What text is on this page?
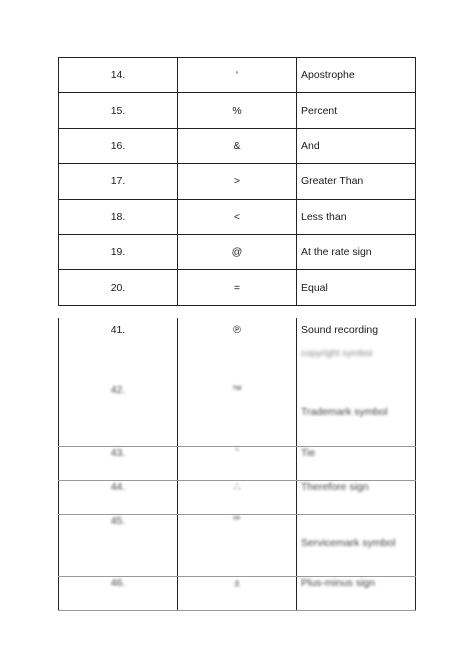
14.	‘	Apostrophe
15.	%	Percent
16.	&	And
17.	>	Greater Than
18.	<	Less than
19.	@	At the rate sign
20.	=	Equal
41.	℗	Sound recording
copyright symbol

42.	™	Trademark symbol

43.	˜	Tie
44.	∴	Therefore sign
45.	℠	Servicemark symbol

46.	±	Plus-minus sign
